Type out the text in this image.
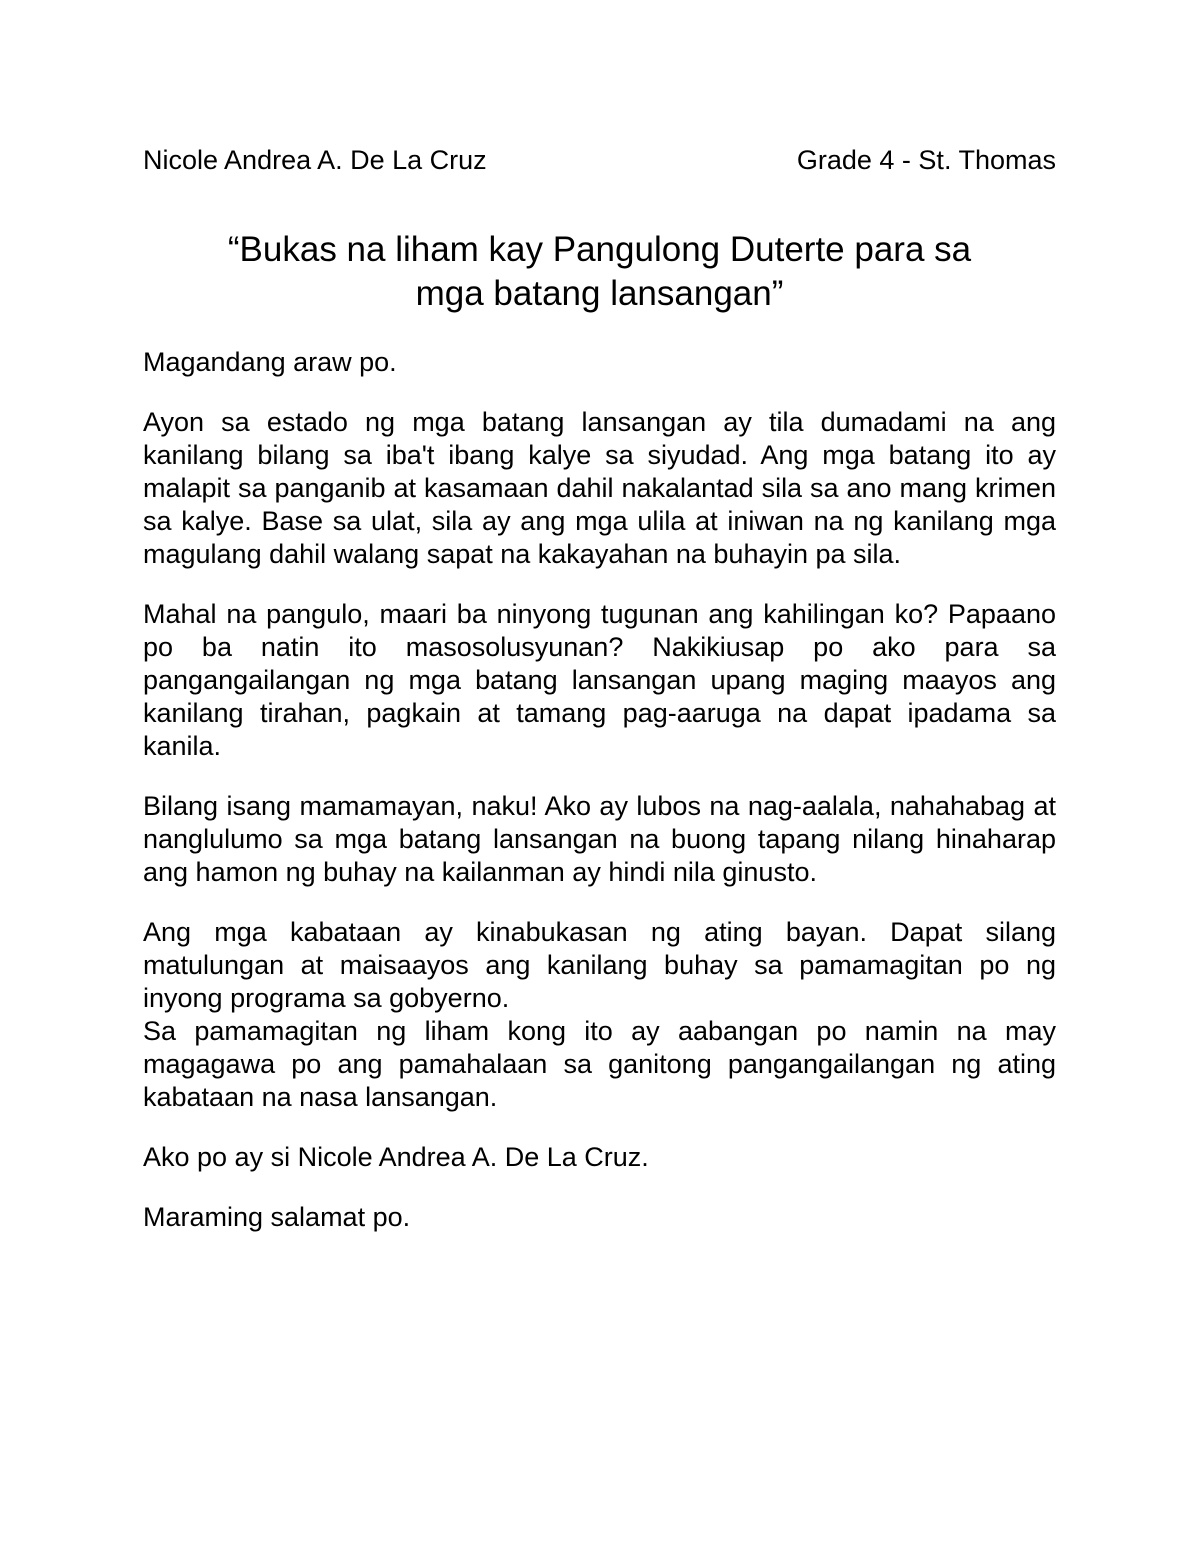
Nicole Andrea A. De La Cruz	Grade 4 - St. Thomas
“Bukas na liham kay Pangulong Duterte para sa
mga batang lansangan”

Magandang araw po.

Ayon sa estado ng mga batang lansangan ay tila dumadami na ang kanilang bilang sa iba't ibang kalye sa siyudad. Ang mga batang ito ay malapit sa panganib at kasamaan dahil nakalantad sila sa ano mang krimen sa kalye. Base sa ulat, sila ay ang mga ulila at iniwan na ng kanilang mga magulang dahil walang sapat na kakayahan na buhayin pa sila.

Mahal na pangulo, maari ba ninyong tugunan ang kahilingan ko? Papaano po ba natin ito masosolusyunan? Nakikiusap po ako para sa pangangailangan ng mga batang lansangan upang maging maayos ang kanilang tirahan, pagkain at tamang pag-aaruga na dapat ipadama sa kanila.

Bilang isang mamamayan, naku! Ako ay lubos na nag-aalala, nahahabag at nanglulumo sa mga batang lansangan na buong tapang nilang hinaharap ang hamon ng buhay na kailanman ay hindi nila ginusto.

Ang mga kabataan ay kinabukasan ng ating bayan. Dapat silang matulungan at maisaayos ang kanilang buhay sa pamamagitan po ng inyong programa sa gobyerno.

Sa pamamagitan ng liham kong ito ay aabangan po namin na may magagawa po ang pamahalaan sa ganitong pangangailangan ng ating kabataan na nasa lansangan.

Ako po ay si Nicole Andrea A. De La Cruz.

Maraming salamat po.
